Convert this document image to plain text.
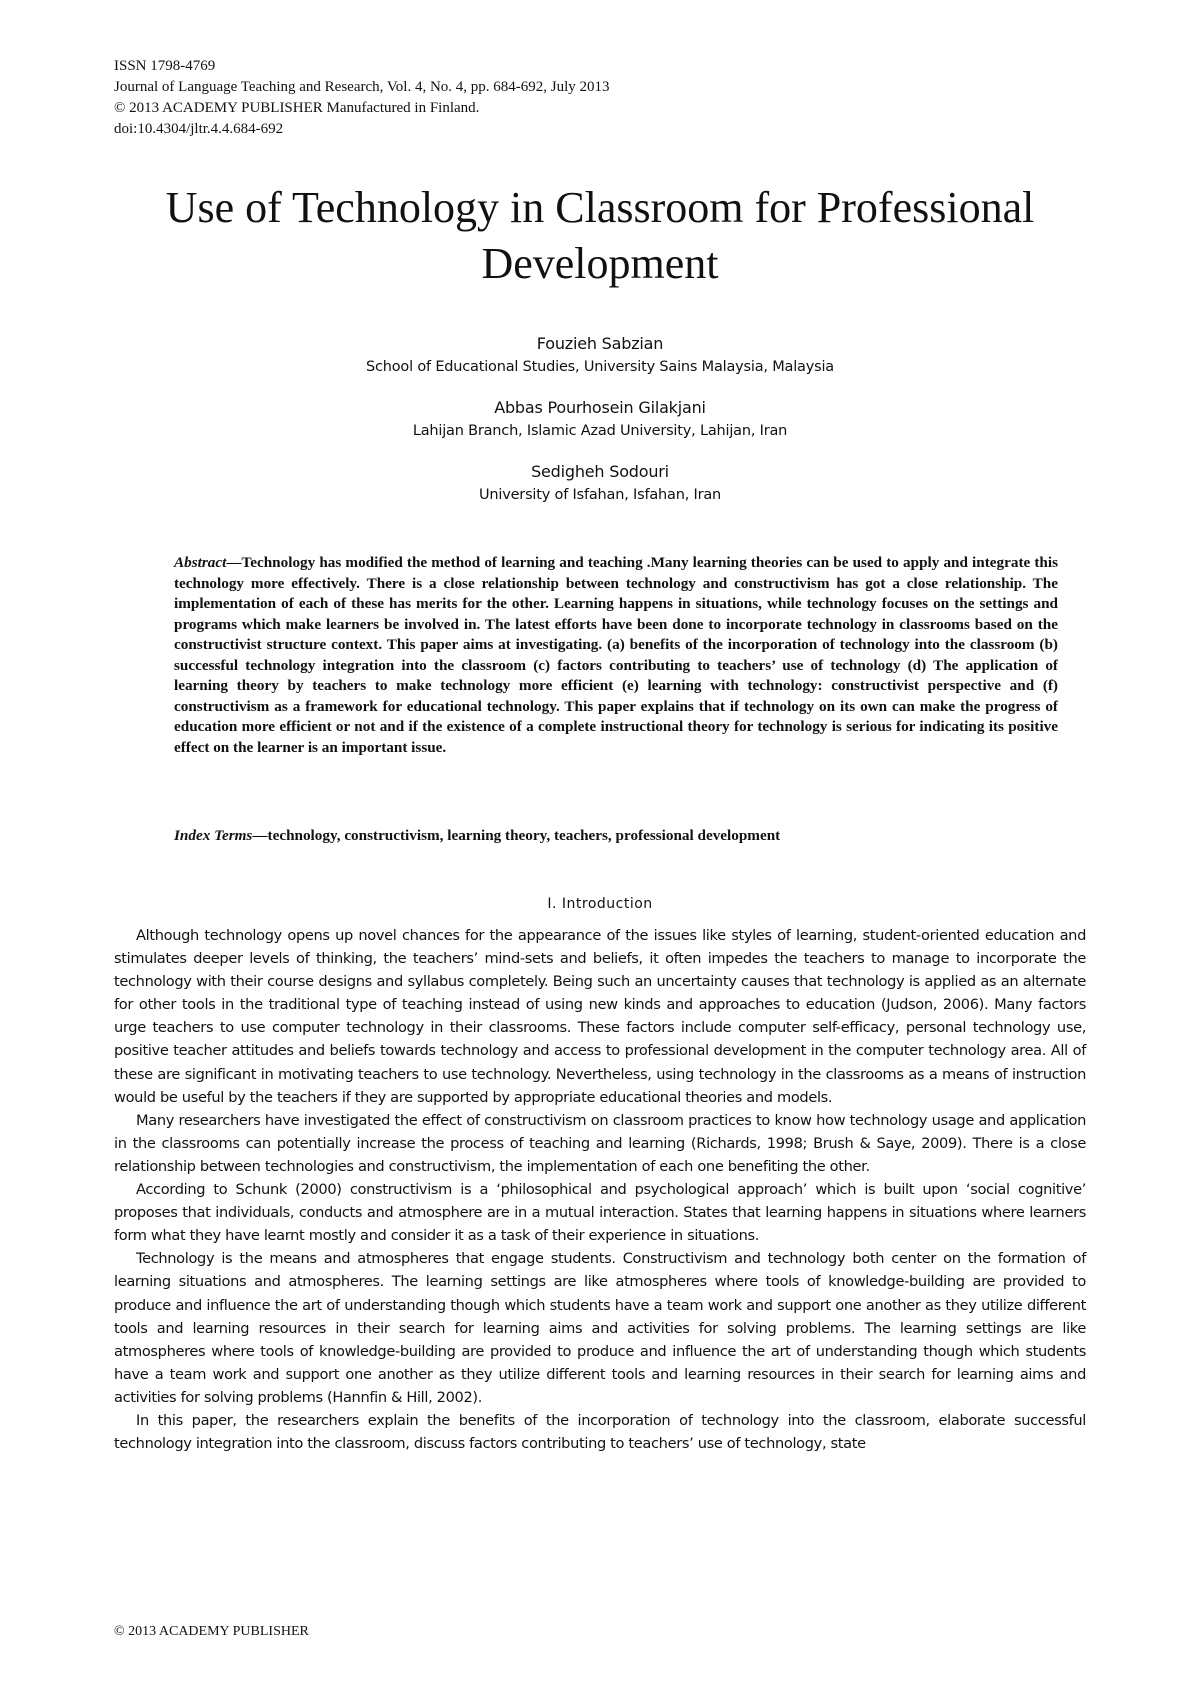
ISSN 1798-4769
Journal of Language Teaching and Research, Vol. 4, No. 4, pp. 684-692, July 2013
© 2013 ACADEMY PUBLISHER Manufactured in Finland.
doi:10.4304/jltr.4.4.684-692
Use of Technology in Classroom for Professional Development
Fouzieh Sabzian
School of Educational Studies, University Sains Malaysia, Malaysia
Abbas Pourhosein Gilakjani
Lahijan Branch, Islamic Azad University, Lahijan, Iran
Sedigheh Sodouri
University of Isfahan, Isfahan, Iran

Abstract—Technology has modified the method of learning and teaching .Many learning theories can be used to apply and integrate this technology more effectively. There is a close relationship between technology and constructivism has got a close relationship. The implementation of each of these has merits for the other. Learning happens in situations, while technology focuses on the settings and programs which make learners be involved in. The latest efforts have been done to incorporate technology in classrooms based on the constructivist structure context. This paper aims at investigating. (a) benefits of the incorporation of technology into the classroom (b) successful technology integration into the classroom (c) factors contributing to teachers’ use of technology (d) The application of learning theory by teachers to make technology more efficient (e) learning with technology: constructivist perspective and (f) constructivism as a framework for educational technology. This paper explains that if technology on its own can make the progress of education more efficient or not and if the existence of a complete instructional theory for technology is serious for indicating its positive effect on the learner is an important issue.

Index Terms—technology, constructivism, learning theory, teachers, professional development
I. Introduction

Although technology opens up novel chances for the appearance of the issues like styles of learning, student-oriented education and stimulates deeper levels of thinking, the teachers’ mind-sets and beliefs, it often impedes the teachers to manage to incorporate the technology with their course designs and syllabus completely. Being such an uncertainty causes that technology is applied as an alternate for other tools in the traditional type of teaching instead of using new kinds and approaches to education (Judson, 2006). Many factors urge teachers to use computer technology in their classrooms. These factors include computer self-efficacy, personal technology use, positive teacher attitudes and beliefs towards technology and access to professional development in the computer technology area. All of these are significant in motivating teachers to use technology. Nevertheless, using technology in the classrooms as a means of instruction would be useful by the teachers if they are supported by appropriate educational theories and models.

Many researchers have investigated the effect of constructivism on classroom practices to know how technology usage and application in the classrooms can potentially increase the process of teaching and learning (Richards, 1998; Brush & Saye, 2009). There is a close relationship between technologies and constructivism, the implementation of each one benefiting the other.

According to Schunk (2000) constructivism is a ‘philosophical and psychological approach’ which is built upon ‘social cognitive’ proposes that individuals, conducts and atmosphere are in a mutual interaction. States that learning happens in situations where learners form what they have learnt mostly and consider it as a task of their experience in situations.

Technology is the means and atmospheres that engage students. Constructivism and technology both center on the formation of learning situations and atmospheres. The learning settings are like atmospheres where tools of knowledge-building are provided to produce and influence the art of understanding though which students have a team work and support one another as they utilize different tools and learning resources in their search for learning aims and activities for solving problems. The learning settings are like atmospheres where tools of knowledge-building are provided to produce and influence the art of understanding though which students have a team work and support one another as they utilize different tools and learning resources in their search for learning aims and activities for solving problems (Hannfin & Hill, 2002).

In this paper, the researchers explain the benefits of the incorporation of technology into the classroom, elaborate successful technology integration into the classroom, discuss factors contributing to teachers’ use of technology, state

© 2013 ACADEMY PUBLISHER
